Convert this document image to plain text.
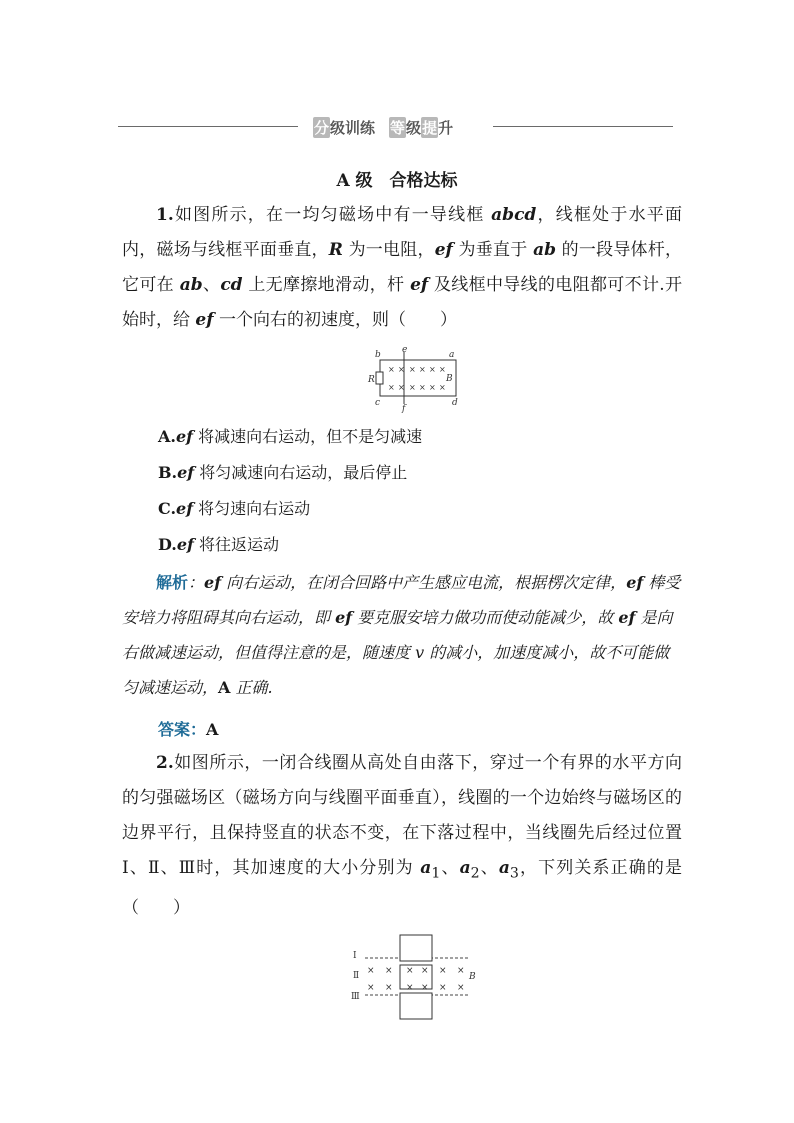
分 级训练 等 级 提 升
A 级　合格达标
1.如图所示，在一均匀磁场中有一导线框 abcd，线框处于水平面内，磁场与线框平面垂直，R 为一电阻，ef 为垂直于 ab 的一段导体杆，它可在 ab、cd 上无摩擦地滑动，杆 ef 及线框中导线的电阻都可不计.开始时，给 ef 一个向右的初速度，则（　　）
b e	a
R	B
c
f
d
× × × × × ×
× × × × × ×
A.ef 将减速向右运动，但不是匀减速
B.ef 将匀减速向右运动，最后停止
C.ef 将匀速向右运动
D.ef 将往返运动
解析：ef 向右运动，在闭合回路中产生感应电流，根据楞次定律，ef 棒受安培力将阻碍其向右运动，即 ef 要克服安培力做功而使动能减少，故 ef 是向右做减速运动，但值得注意的是，随速度 v 的减小，加速度减小，故不可能做匀减速运动，A 正确.
答案：A
2.如图所示，一闭合线圈从高处自由落下，穿过一个有界的水平方向的匀强磁场区（磁场方向与线圈平面垂直），线圈的一个边始终与磁场区的边界平行，且保持竖直的状态不变，在下落过程中，当线圈先后经过位置Ⅰ、Ⅱ、Ⅲ时，其加速度的大小分别为 $a_1$、$a_2$、$a_3$，下列关系正确的是（　　）
Ⅰ
Ⅱ
Ⅲ
B
× × × × × ×
× × × × × ×
